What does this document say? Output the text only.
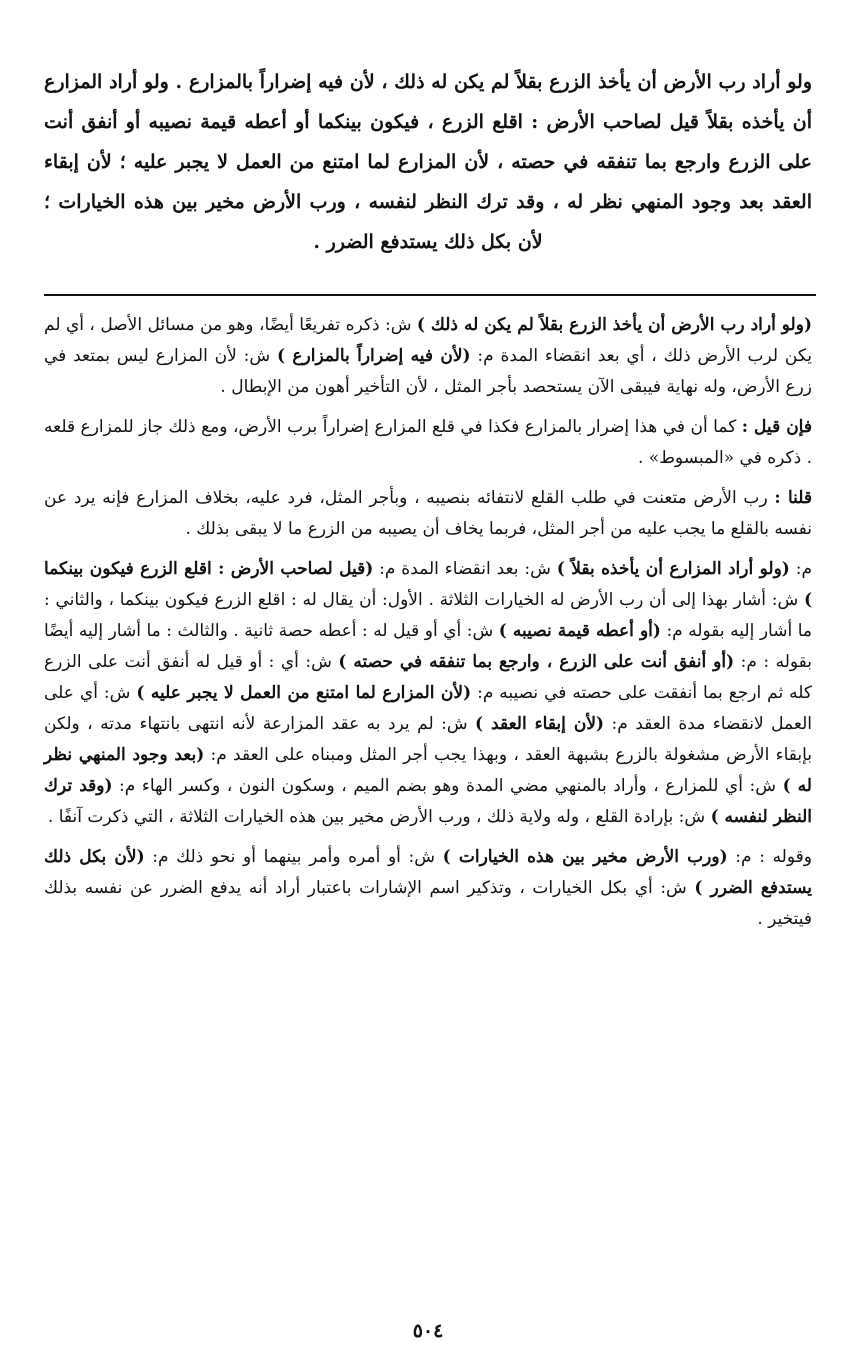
ولو أراد رب الأرض أن يأخذ الزرع بقلاً لم يكن له ذلك ، لأن فيه إضراراً بالمزارع . ولو أراد المزارع أن يأخذه بقلاً قيل لصاحب الأرض : اقلع الزرع ، فيكون بينكما أو أعطه قيمة نصيبه أو أنفق أنت على الزرع وارجع بما تنفقه في حصته ، لأن المزارع لما امتنع من العمل لا يجبر عليه ؛ لأن إبقاء العقد بعد وجود المنهي نظر له ، وقد ترك النظر لنفسه ، ورب الأرض مخير بين هذه الخيارات ؛ لأن بكل ذلك يستدفع الضرر .

(ولو أراد رب الأرض أن يأخذ الزرع بقلاً لم يكن له ذلك ) ش: ذكره تفريعًا أيضًا، وهو من مسائل الأصل ، أي لم يكن لرب الأرض ذلك ، أي بعد انقضاء المدة م: (لأن فيه إضراراً بالمزارع ) ش: لأن المزارع ليس بمتعد في زرع الأرض، وله نهاية فيبقى الآن يستحصد بأجر المثل ، لأن التأخير أهون من الإبطال .

فإن قيل : كما أن في هذا إضرار بالمزارع فكذا في قلع المزارع إضراراً برب الأرض، ومع ذلك جاز للمزارع قلعه . ذكره في «المبسوط» .

قلنا : رب الأرض متعنت في طلب القلع لانتفائه بنصيبه ، وبأجر المثل، فرد عليه، بخلاف المزارع فإنه يرد عن نفسه بالقلع ما يجب عليه من أجر المثل، فربما يخاف أن يصيبه من الزرع ما لا يبقى بذلك .

م: (ولو أراد المزارع أن يأخذه بقلاً ) ش: بعد انقضاء المدة م: (قيل لصاحب الأرض : اقلع الزرع فيكون بينكما ) ش: أشار بهذا إلى أن رب الأرض له الخيارات الثلاثة . الأول: أن يقال له : اقلع الزرع فيكون بينكما ، والثاني : ما أشار إليه بقوله م: (أو أعطه قيمة نصيبه ) ش: أي أو قيل له : أعطه حصة ثانية . والثالث : ما أشار إليه أيضًا بقوله : م: (أو أنفق أنت على الزرع ، وارجع بما تنفقه في حصته ) ش: أي : أو قيل له أنفق أنت على الزرع كله ثم ارجع بما أنفقت على حصته في نصيبه م: (لأن المزارع لما امتنع من العمل لا يجبر عليه ) ش: أي على العمل لانقضاء مدة العقد م: (لأن إبقاء العقد ) ش: لم يرد به عقد المزارعة لأنه انتهى بانتهاء مدته ، ولكن بإبقاء الأرض مشغولة بالزرع بشبهة العقد ، وبهذا يجب أجر المثل ومبناه على العقد م: (بعد وجود المنهي نظر له ) ش: أي للمزارع ، وأراد بالمنهي مضي المدة وهو بضم الميم ، وسكون النون ، وكسر الهاء م: (وقد ترك النظر لنفسه ) ش: بإرادة القلع ، وله ولاية ذلك ، ورب الأرض مخير بين هذه الخيارات الثلاثة ، التي ذكرت آنفًا .

وقوله : م: (ورب الأرض مخير بين هذه الخيارات ) ش: أو أمره وأمر بينهما أو نحو ذلك م: (لأن بكل ذلك يستدفع الضرر ) ش: أي بكل الخيارات ، وتذكير اسم الإشارات باعتبار أراد أنه يدفع الضرر عن نفسه بذلك فيتخير .

٥٠٤
